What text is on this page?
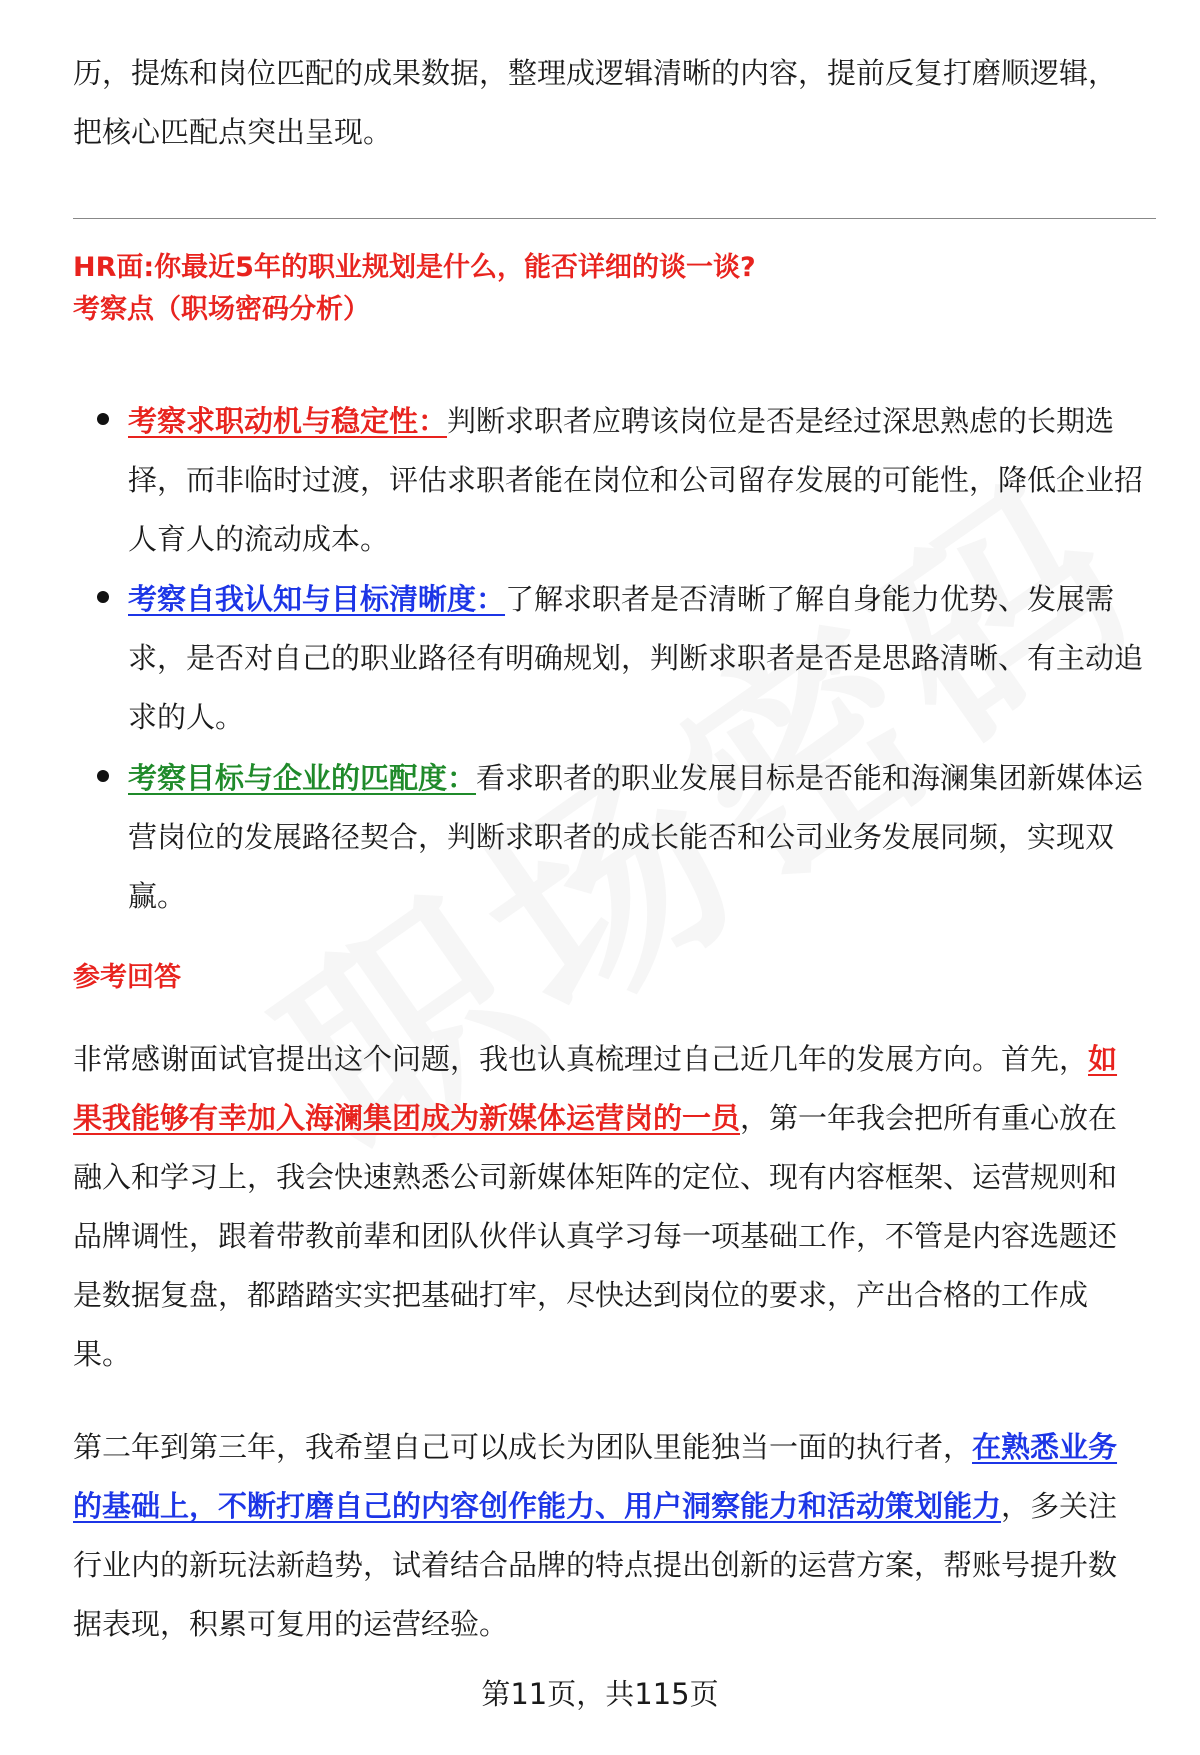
历，提炼和岗位匹配的成果数据，整理成逻辑清晰的内容，提前反复打磨顺逻辑，把核心匹配点突出呈现。
HR面:你最近5年的职业规划是什么，能否详细的谈一谈?
考察点（职场密码分析）
考察求职动机与稳定性：判断求职者应聘该岗位是否是经过深思熟虑的长期选择，而非临时过渡，评估求职者能在岗位和公司留存发展的可能性，降低企业招人育人的流动成本。
考察自我认知与目标清晰度：了解求职者是否清晰了解自身能力优势、发展需求，是否对自己的职业路径有明确规划，判断求职者是否是思路清晰、有主动追求的人。
考察目标与企业的匹配度：看求职者的职业发展目标是否能和海澜集团新媒体运营岗位的发展路径契合，判断求职者的成长能否和公司业务发展同频，实现双赢。
参考回答
非常感谢面试官提出这个问题，我也认真梳理过自己近几年的发展方向。首先，如果我能够有幸加入海澜集团成为新媒体运营岗的一员，第一年我会把所有重心放在融入和学习上，我会快速熟悉公司新媒体矩阵的定位、现有内容框架、运营规则和品牌调性，跟着带教前辈和团队伙伴认真学习每一项基础工作，不管是内容选题还是数据复盘，都踏踏实实把基础打牢，尽快达到岗位的要求，产出合格的工作成果。
第二年到第三年，我希望自己可以成长为团队里能独当一面的执行者，在熟悉业务的基础上，不断打磨自己的内容创作能力、用户洞察能力和活动策划能力，多关注行业内的新玩法新趋势，试着结合品牌的特点提出创新的运营方案，帮账号提升数据表现，积累可复用的运营经验。
第11页，共115页
